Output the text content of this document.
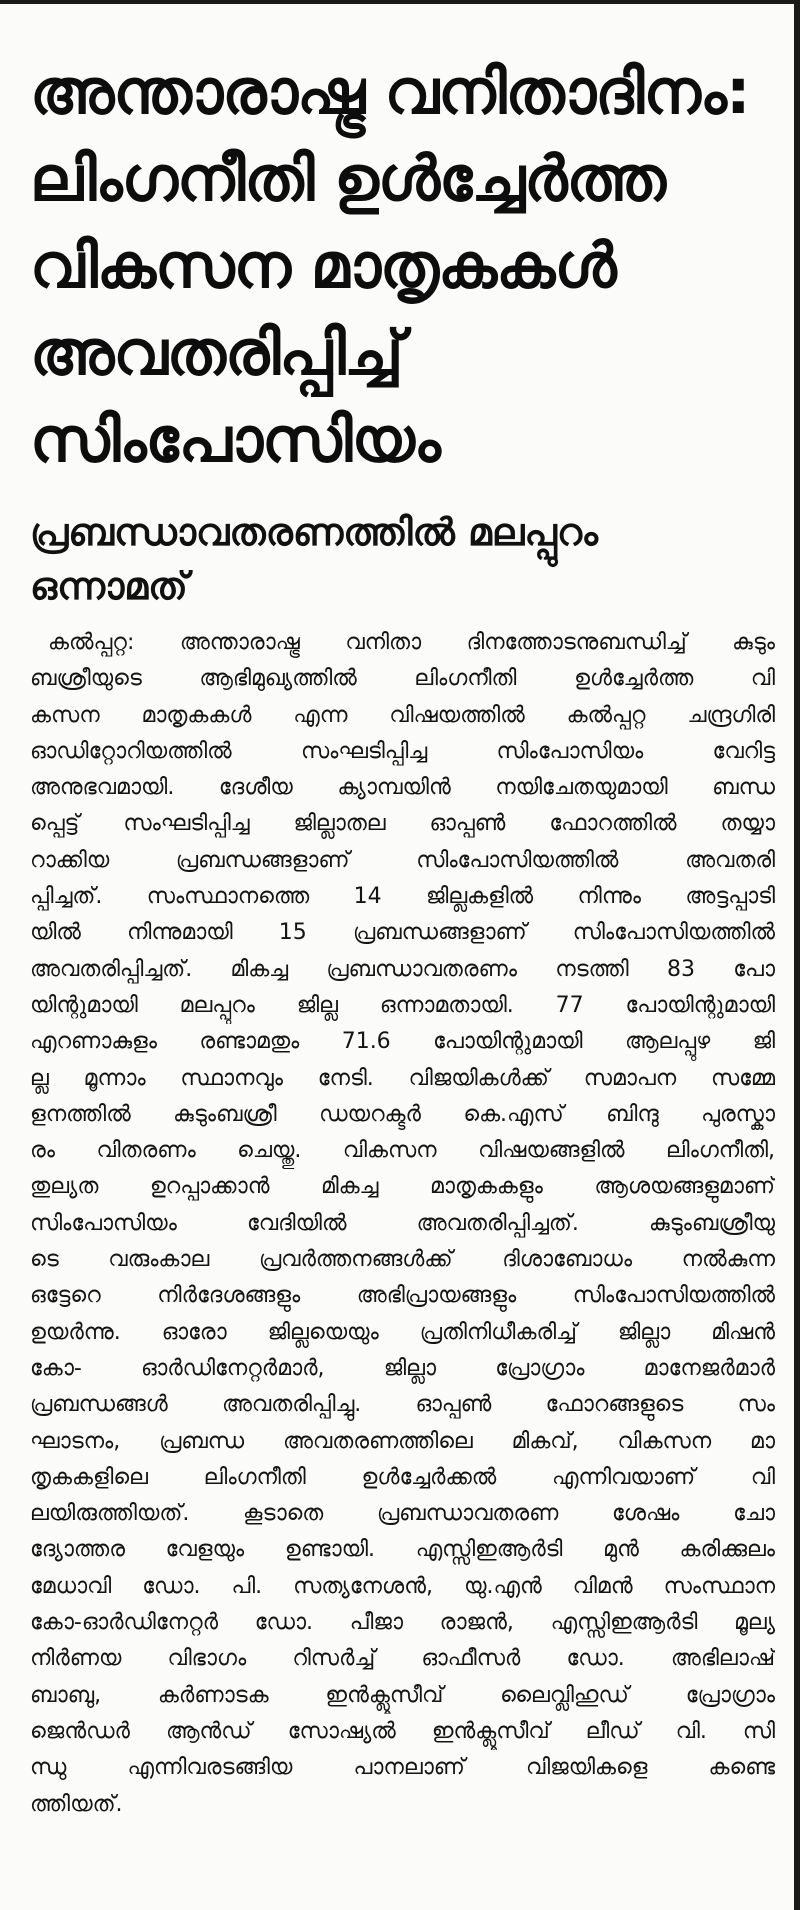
അന്താരാഷ്ട്ര വനിതാദിനം:
ലിംഗനീതി ഉൾച്ചേർത്ത
വികസന മാതൃകകൾ
അവതരിപ്പിച്ച്
സിംപോസിയം
പ്രബന്ധാവതരണത്തിൽ മലപ്പുറം
ഒന്നാമത്
കൽപ്പറ്റ: അന്താരാഷ്ട്ര വനിതാ ദിനത്തോടനുബന്ധിച്ച് കുടും
ബശ്രീയുടെ ആഭിമുഖ്യത്തിൽ ലിംഗനീതി ഉൾച്ചേർത്ത വി
കസന മാതൃകകൾ എന്ന വിഷയത്തിൽ കൽപ്പറ്റ ചന്ദ്രഗിരി
ഓഡിറ്റോറിയത്തിൽ സംഘടിപ്പിച്ച സിംപോസിയം വേറിട്ട
അനുഭവമായി. ദേശീയ ക്യാമ്പയിൻ നയിചേതയുമായി ബന്ധ
പ്പെട്ട് സംഘടിപ്പിച്ച ജില്ലാതല ഓപ്പൺ ഫോറത്തിൽ തയ്യാ
റാക്കിയ പ്രബന്ധങ്ങളാണ് സിംപോസിയത്തിൽ അവതരി
പ്പിച്ചത്. സംസ്ഥാനത്തെ 14 ജില്ലകളിൽ നിന്നും അട്ടപ്പാടി
യിൽ നിന്നുമായി 15 പ്രബന്ധങ്ങളാണ് സിംപോസിയത്തിൽ
അവതരിപ്പിച്ചത്. മികച്ച പ്രബന്ധാവതരണം നടത്തി 83 പോ
യിന്റുമായി മലപ്പുറം ജില്ല ഒന്നാമതായി. 77 പോയിന്റുമായി
എറണാകുളം രണ്ടാമതും 71.6 പോയിന്റുമായി ആലപ്പുഴ ജി
ല്ല മൂന്നാം സ്ഥാനവും നേടി. വിജയികൾക്ക് സമാപന സമ്മേ
ളനത്തിൽ കുടുംബശ്രീ ഡയറക്ടർ കെ.എസ് ബിന്ദു പുരസ്കാ
രം വിതരണം ചെയ്തു. വികസന വിഷയങ്ങളിൽ ലിംഗനീതി,
തുല്യത ഉറപ്പാക്കാൻ മികച്ച മാതൃകകളും ആശയങ്ങളുമാണ്
സിംപോസിയം വേദിയിൽ അവതരിപ്പിച്ചത്. കുടുംബശ്രീയു
ടെ വരുംകാല പ്രവർത്തനങ്ങൾക്ക് ദിശാബോധം നൽകുന്ന
ഒട്ടേറെ നിർദേശങ്ങളും അഭിപ്രായങ്ങളും സിംപോസിയത്തിൽ
ഉയർന്നു. ഓരോ ജില്ലയെയും പ്രതിനിധീകരിച്ച് ജില്ലാ മിഷൻ
കോ- ഓർഡിനേറ്റർമാർ, ജില്ലാ പ്രോഗ്രാം മാനേജർമാർ
പ്രബന്ധങ്ങൾ അവതരിപ്പിച്ചു. ഓപ്പൺ ഫോറങ്ങളുടെ സം
ഘാടനം, പ്രബന്ധ അവതരണത്തിലെ മികവ്, വികസന മാ
തൃകകളിലെ ലിംഗനീതി ഉൾച്ചേർക്കൽ എന്നിവയാണ് വി
ലയിരുത്തിയത്. കൂടാതെ പ്രബന്ധാവതരണ ശേഷം ചോ
ദ്യോത്തര വേളയും ഉണ്ടായി. എസ്സിഇആർടി മുൻ കരിക്കുലം
മേധാവി ഡോ. പി. സത്യനേശൻ, യു.എൻ വിമൻ സംസ്ഥാന
കോ-ഓർഡിനേറ്റർ ഡോ. പീജാ രാജൻ, എസ്സിഇആർടി മൂല്യ
നിർണയ വിഭാഗം റിസർച്ച് ഓഫീസർ ഡോ. അഭിലാഷ്
ബാബു, കർണാടക ഇൻക്ലൂസീവ് ലൈവ്ലിഹുഡ് പ്രോഗ്രാം
ജെൻഡർ ആൻഡ് സോഷ്യൽ ഇൻക്ലൂസീവ് ലീഡ് വി. സി
ന്ധു എന്നിവരടങ്ങിയ പാനലാണ് വിജയികളെ കണ്ടെ
ത്തിയത്.
